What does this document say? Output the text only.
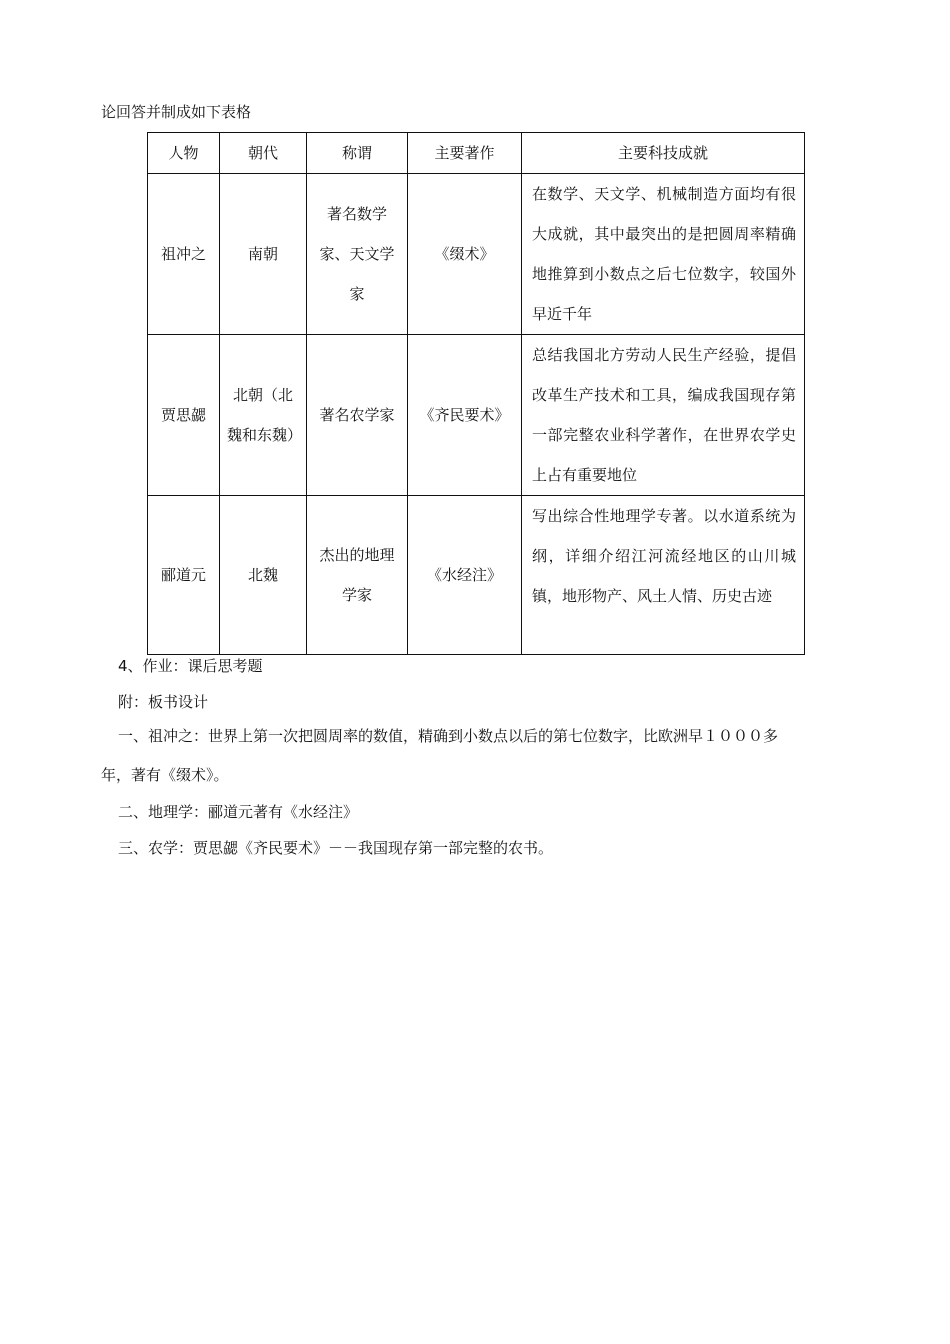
论回答并制成如下表格
人物	朝代	称谓	主要著作	主要科技成就
祖冲之	南朝	著名数学家、天文学家	《缀术》	在数学、天文学、机械制造方面均有很大成就，其中最突出的是把圆周率精确地推算到小数点之后七位数字，较国外早近千年
贾思勰	北朝（北魏和东魏）	著名农学家	《齐民要术》	总结我国北方劳动人民生产经验，提倡改革生产技术和工具，编成我国现存第一部完整农业科学著作，在世界农学史上占有重要地位
郦道元	北魏	杰出的地理学家	《水经注》	写出综合性地理学专著。以水道系统为纲，详细介绍江河流经地区的山川城镇，地形物产、风土人情、历史古迹
4、作业：课后思考题
附：板书设计
一、祖冲之：世界上第一次把圆周率的数值，精确到小数点以后的第七位数字，比欧洲早１０００多
年，著有《缀术》。
二、地理学：郦道元著有《水经注》
三、农学：贾思勰《齐民要术》－－我国现存第一部完整的农书。
